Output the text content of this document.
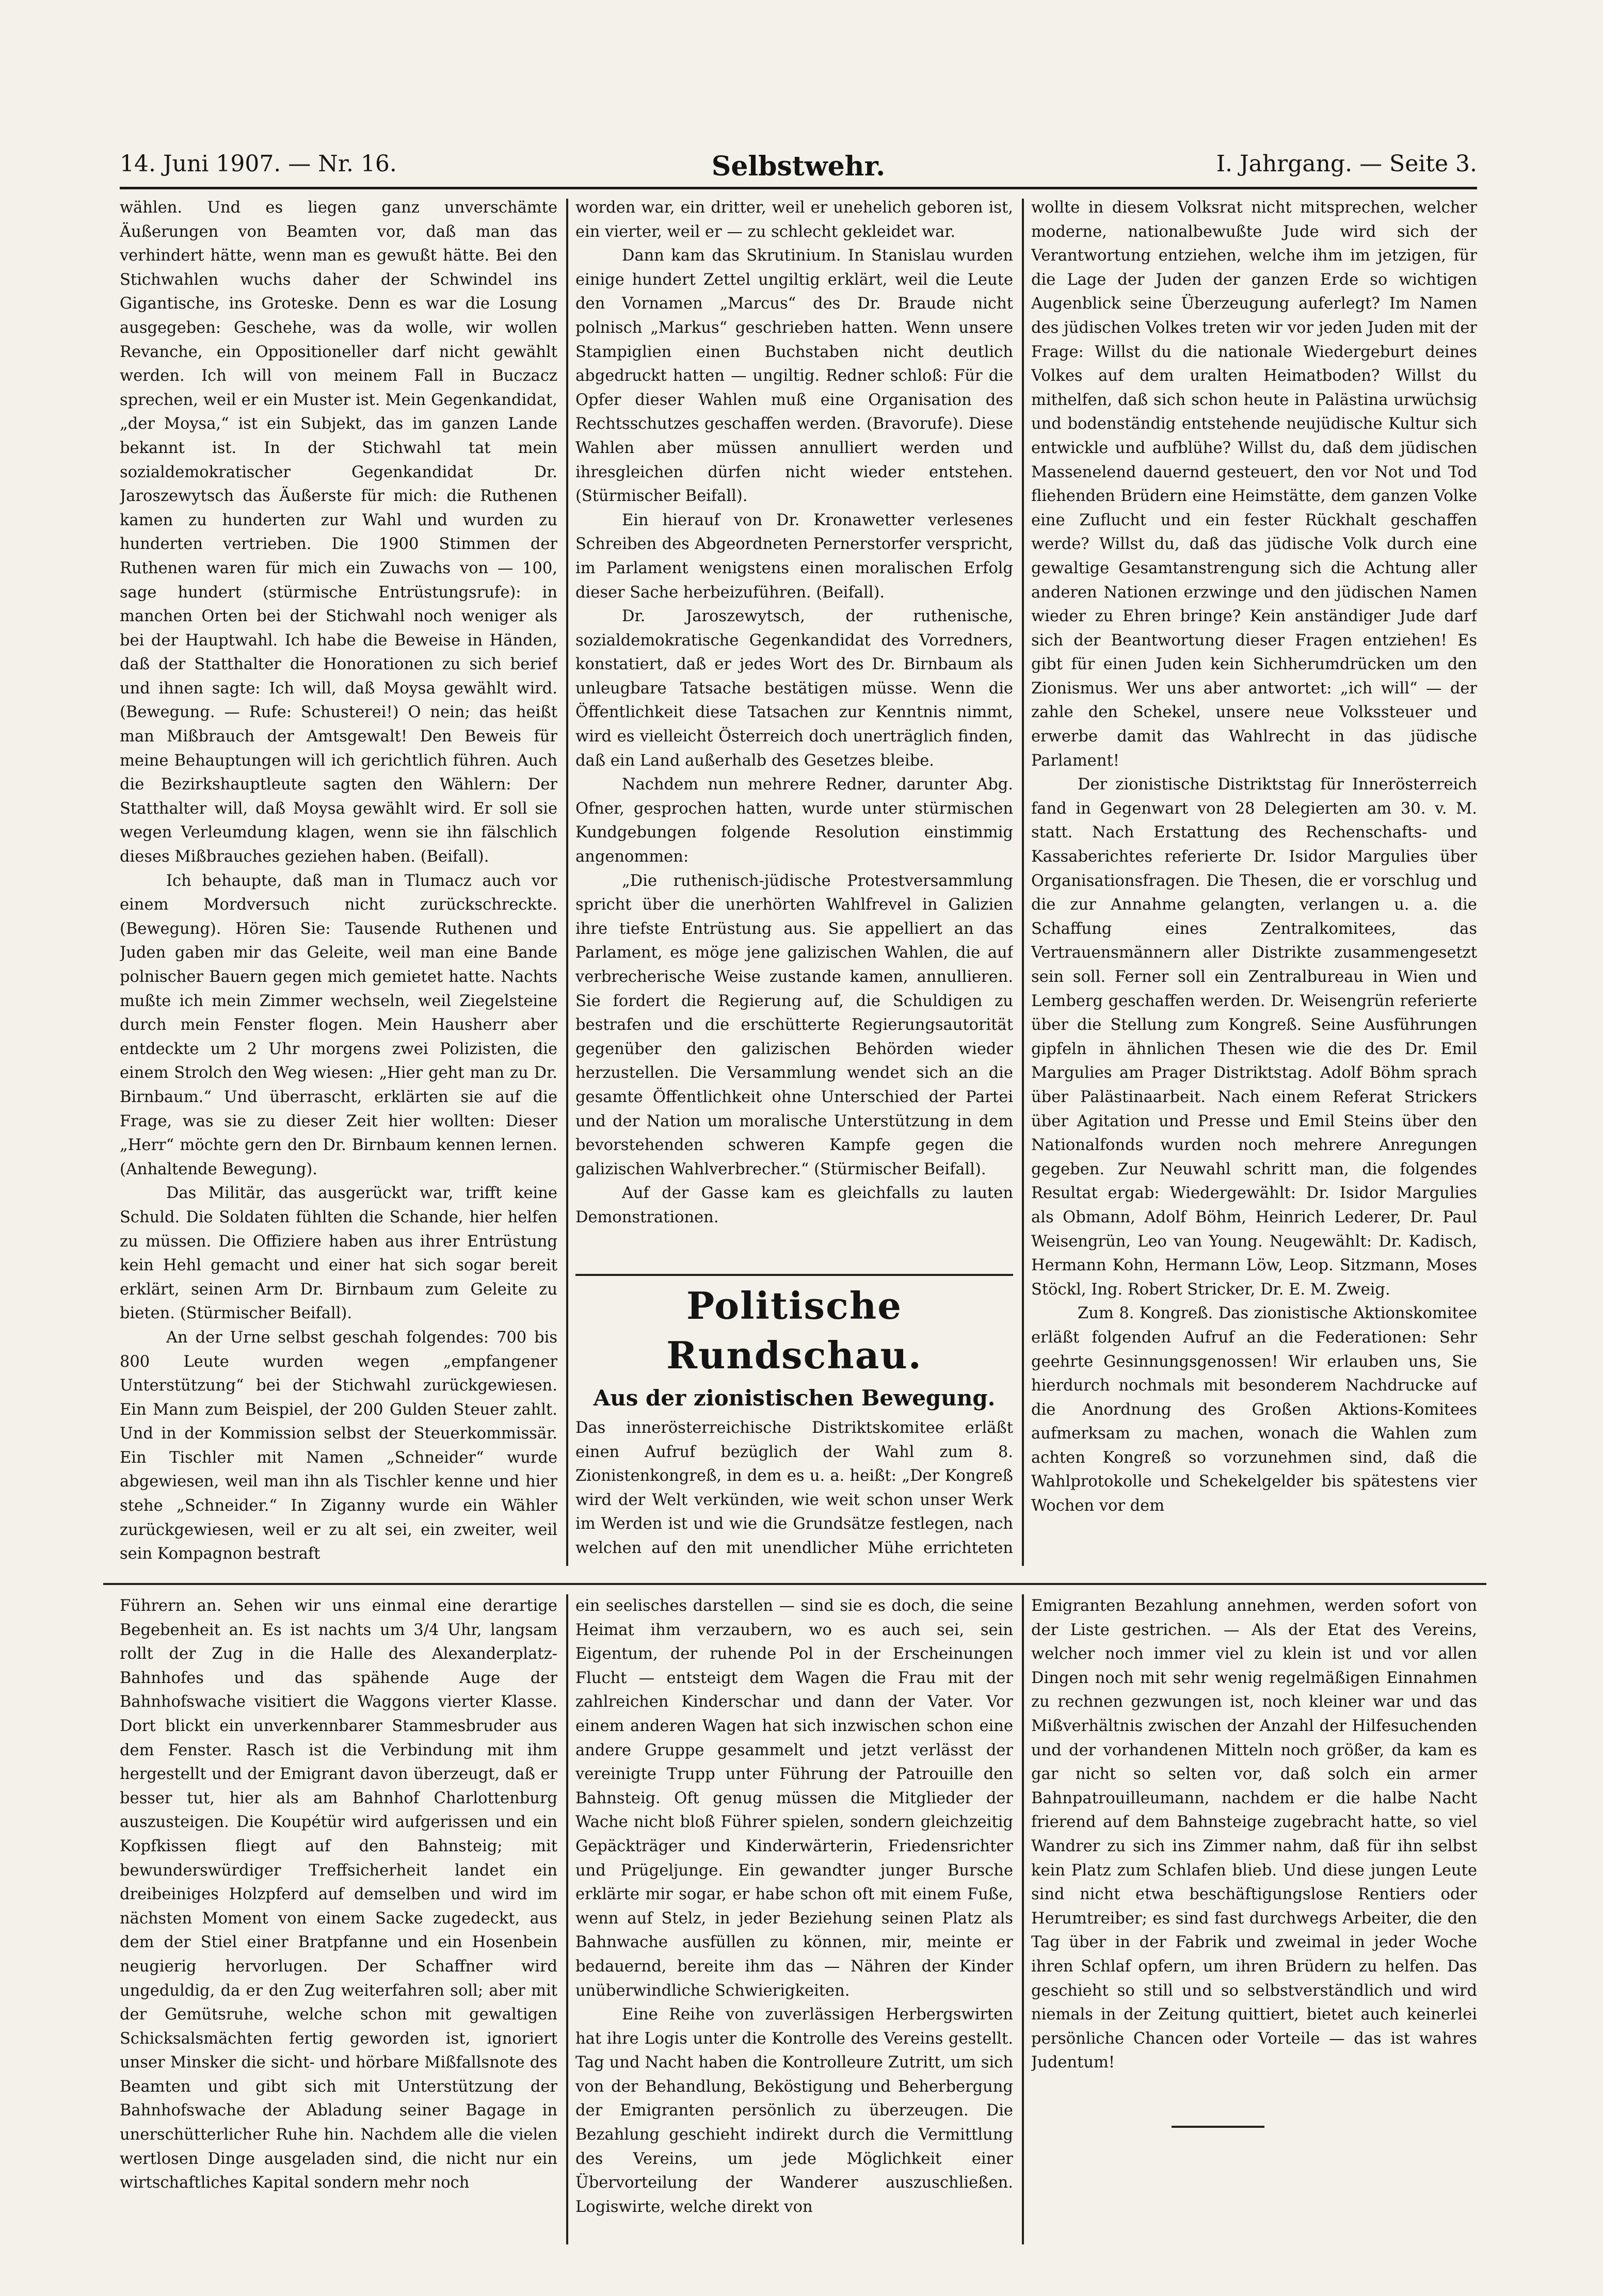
14. Juni 1907. — Nr. 16.	Selbstwehr.	I. Jahrgang. — Seite 3.

wählen. Und es liegen ganz unverschämte Äußerungen von Beamten vor, daß man das verhindert hätte, wenn man es gewußt hätte. Bei den Stichwahlen wuchs daher der Schwindel ins Gigantische, ins Groteske. Denn es war die Losung ausgegeben: Geschehe, was da wolle, wir wollen Revanche, ein Oppositioneller darf nicht gewählt werden. Ich will von meinem Fall in Buczacz sprechen, weil er ein Muster ist. Mein Gegenkandidat, „der Moysa,“ ist ein Subjekt, das im ganzen Lande bekannt ist. In der Stichwahl tat mein sozialdemokratischer Gegenkandidat Dr. Jaroszewytsch das Äußerste für mich: die Ruthenen kamen zu hunderten zur Wahl und wurden zu hunderten vertrieben. Die 1900 Stimmen der Ruthenen waren für mich ein Zuwachs von — 100, sage hundert (stürmische Entrüstungsrufe): in manchen Orten bei der Stichwahl noch weniger als bei der Hauptwahl. Ich habe die Beweise in Händen, daß der Statthalter die Honorationen zu sich berief und ihnen sagte: Ich will, daß Moysa gewählt wird. (Bewegung. — Rufe: Schusterei!) O nein; das heißt man Mißbrauch der Amtsgewalt! Den Beweis für meine Behauptungen will ich gerichtlich führen. Auch die Bezirkshauptleute sagten den Wählern: Der Statthalter will, daß Moysa gewählt wird. Er soll sie wegen Verleumdung klagen, wenn sie ihn fälschlich dieses Mißbrauches geziehen haben. (Beifall).

Ich behaupte, daß man in Tlumacz auch vor einem Mordversuch nicht zurückschreckte. (Bewegung). Hören Sie: Tausende Ruthenen und Juden gaben mir das Geleite, weil man eine Bande polnischer Bauern gegen mich gemietet hatte. Nachts mußte ich mein Zimmer wechseln, weil Ziegelsteine durch mein Fenster flogen. Mein Hausherr aber entdeckte um 2 Uhr morgens zwei Polizisten, die einem Strolch den Weg wiesen: „Hier geht man zu Dr. Birnbaum.“ Und überrascht, erklärten sie auf die Frage, was sie zu dieser Zeit hier wollten: Dieser „Herr“ möchte gern den Dr. Birnbaum kennen lernen. (Anhaltende Bewegung).

Das Militär, das ausgerückt war, trifft keine Schuld. Die Soldaten fühlten die Schande, hier helfen zu müssen. Die Offiziere haben aus ihrer Entrüstung kein Hehl gemacht und einer hat sich sogar bereit erklärt, seinen Arm Dr. Birnbaum zum Geleite zu bieten. (Stürmischer Beifall).

An der Urne selbst geschah folgendes: 700 bis 800 Leute wurden wegen „empfangener Unterstützung“ bei der Stichwahl zurückgewiesen. Ein Mann zum Beispiel, der 200 Gulden Steuer zahlt. Und in der Kommission selbst der Steuerkommissär. Ein Tischler mit Namen „Schneider“ wurde abgewiesen, weil man ihn als Tischler kenne und hier stehe „Schneider.“ In Ziganny wurde ein Wähler zurückgewiesen, weil er zu alt sei, ein zweiter, weil sein Kompagnon bestraft

worden war, ein dritter, weil er unehelich geboren ist, ein vierter, weil er — zu schlecht gekleidet war.

Dann kam das Skrutinium. In Stanislau wurden einige hundert Zettel ungiltig erklärt, weil die Leute den Vornamen „Marcus“ des Dr. Braude nicht polnisch „Markus“ geschrieben hatten. Wenn unsere Stampiglien einen Buchstaben nicht deutlich abgedruckt hatten — ungiltig. Redner schloß: Für die Opfer dieser Wahlen muß eine Organisation des Rechtsschutzes geschaffen werden. (Bravorufe). Diese Wahlen aber müssen annulliert werden und ihresgleichen dürfen nicht wieder entstehen. (Stürmischer Beifall).

Ein hierauf von Dr. Kronawetter verlesenes Schreiben des Abgeordneten Pernerstorfer verspricht, im Parlament wenigstens einen moralischen Erfolg dieser Sache herbeizuführen. (Beifall).

Dr. Jaroszewytsch, der ruthenische, sozialdemokratische Gegenkandidat des Vorredners, konstatiert, daß er jedes Wort des Dr. Birnbaum als unleugbare Tatsache bestätigen müsse. Wenn die Öffentlichkeit diese Tatsachen zur Kenntnis nimmt, wird es vielleicht Österreich doch unerträglich finden, daß ein Land außerhalb des Gesetzes bleibe.

Nachdem nun mehrere Redner, darunter Abg. Ofner, gesprochen hatten, wurde unter stürmischen Kundgebungen folgende Resolution einstimmig angenommen:

„Die ruthenisch-jüdische Protestversammlung spricht über die unerhörten Wahlfrevel in Galizien ihre tiefste Entrüstung aus. Sie appelliert an das Parlament, es möge jene galizischen Wahlen, die auf verbrecherische Weise zustande kamen, annullieren. Sie fordert die Regierung auf, die Schuldigen zu bestrafen und die erschütterte Regierungsautorität gegenüber den galizischen Behörden wieder herzustellen. Die Versammlung wendet sich an die gesamte Öffentlichkeit ohne Unterschied der Partei und der Nation um moralische Unterstützung in dem bevorstehenden schweren Kampfe gegen die galizischen Wahlverbrecher.“ (Stürmischer Beifall).

Auf der Gasse kam es gleichfalls zu lauten Demonstrationen.

Politische Rundschau.
Aus der zionistischen Bewegung.

Das innerösterreichische Distriktskomitee erläßt einen Aufruf bezüglich der Wahl zum 8. Zionistenkongreß, in dem es u. a. heißt: „Der Kongreß wird der Welt verkünden, wie weit schon unser Werk im Werden ist und wie die Grundsätze festlegen, nach welchen auf den mit unendlicher Mühe errichteten

wollte in diesem Volksrat nicht mitsprechen, welcher moderne, nationalbewußte Jude wird sich der Verantwortung entziehen, welche ihm im jetzigen, für die Lage der Juden der ganzen Erde so wichtigen Augenblick seine Überzeugung auferlegt? Im Namen des jüdischen Volkes treten wir vor jeden Juden mit der Frage: Willst du die nationale Wiedergeburt deines Volkes auf dem uralten Heimatboden? Willst du mithelfen, daß sich schon heute in Palästina urwüchsig und bodenständig entstehende neujüdische Kultur sich entwickle und aufblühe? Willst du, daß dem jüdischen Massenelend dauernd gesteuert, den vor Not und Tod fliehenden Brüdern eine Heimstätte, dem ganzen Volke eine Zuflucht und ein fester Rückhalt geschaffen werde? Willst du, daß das jüdische Volk durch eine gewaltige Gesamtanstrengung sich die Achtung aller anderen Nationen erzwinge und den jüdischen Namen wieder zu Ehren bringe? Kein anständiger Jude darf sich der Beantwortung dieser Fragen entziehen! Es gibt für einen Juden kein Sichherumdrücken um den Zionismus. Wer uns aber antwortet: „ich will“ — der zahle den Schekel, unsere neue Volkssteuer und erwerbe damit das Wahlrecht in das jüdische Parlament!

Der zionistische Distriktstag für Innerösterreich fand in Gegenwart von 28 Delegierten am 30. v. M. statt. Nach Erstattung des Rechenschafts- und Kassaberichtes referierte Dr. Isidor Margulies über Organisationsfragen. Die Thesen, die er vorschlug und die zur Annahme gelangten, verlangen u. a. die Schaffung eines Zentralkomitees, das Vertrauensmännern aller Distrikte zusammengesetzt sein soll. Ferner soll ein Zentralbureau in Wien und Lemberg geschaffen werden. Dr. Weisengrün referierte über die Stellung zum Kongreß. Seine Ausführungen gipfeln in ähnlichen Thesen wie die des Dr. Emil Margulies am Prager Distriktstag. Adolf Böhm sprach über Palästinaarbeit. Nach einem Referat Strickers über Agitation und Presse und Emil Steins über den Nationalfonds wurden noch mehrere Anregungen gegeben. Zur Neuwahl schritt man, die folgendes Resultat ergab: Wiedergewählt: Dr. Isidor Margulies als Obmann, Adolf Böhm, Heinrich Lederer, Dr. Paul Weisengrün, Leo van Young. Neugewählt: Dr. Kadisch, Hermann Kohn, Hermann Löw, Leop. Sitzmann, Moses Stöckl, Ing. Robert Stricker, Dr. E. M. Zweig.

Zum 8. Kongreß. Das zionistische Aktionskomitee erläßt folgenden Aufruf an die Federationen: Sehr geehrte Gesinnungsgenossen! Wir erlauben uns, Sie hierdurch nochmals mit besonderem Nachdrucke auf die Anordnung des Großen Aktions-Komitees aufmerksam zu machen, wonach die Wahlen zum achten Kongreß so vorzunehmen sind, daß die Wahlprotokolle und Schekelgelder bis spätestens vier Wochen vor dem

Führern an. Sehen wir uns einmal eine derartige Begebenheit an. Es ist nachts um 3/4 Uhr, langsam rollt der Zug in die Halle des Alexanderplatz-Bahnhofes und das spähende Auge der Bahnhofswache visitiert die Waggons vierter Klasse. Dort blickt ein unverkennbarer Stammesbruder aus dem Fenster. Rasch ist die Verbindung mit ihm hergestellt und der Emigrant davon überzeugt, daß er besser tut, hier als am Bahnhof Charlottenburg auszusteigen. Die Koupétür wird aufgerissen und ein Kopfkissen fliegt auf den Bahnsteig; mit bewunderswürdiger Treffsicherheit landet ein dreibeiniges Holzpferd auf demselben und wird im nächsten Moment von einem Sacke zugedeckt, aus dem der Stiel einer Bratpfanne und ein Hosenbein neugierig hervorlugen. Der Schaffner wird ungeduldig, da er den Zug weiterfahren soll; aber mit der Gemütsruhe, welche schon mit gewaltigen Schicksalsmächten fertig geworden ist, ignoriert unser Minsker die sicht- und hörbare Mißfallsnote des Beamten und gibt sich mit Unterstützung der Bahnhofswache der Abladung seiner Bagage in unerschütterlicher Ruhe hin. Nachdem alle die vielen wertlosen Dinge ausgeladen sind, die nicht nur ein wirtschaftliches Kapital sondern mehr noch

ein seelisches darstellen — sind sie es doch, die seine Heimat ihm verzaubern, wo es auch sei, sein Eigentum, der ruhende Pol in der Erscheinungen Flucht — entsteigt dem Wagen die Frau mit der zahlreichen Kinderschar und dann der Vater. Vor einem anderen Wagen hat sich inzwischen schon eine andere Gruppe gesammelt und jetzt verlässt der vereinigte Trupp unter Führung der Patrouille den Bahnsteig. Oft genug müssen die Mitglieder der Wache nicht bloß Führer spielen, sondern gleichzeitig Gepäckträger und Kinderwärterin, Friedensrichter und Prügeljunge. Ein gewandter junger Bursche erklärte mir sogar, er habe schon oft mit einem Fuße, wenn auf Stelz, in jeder Beziehung seinen Platz als Bahnwache ausfüllen zu können, mir, meinte er bedauernd, bereite ihm das — Nähren der Kinder unüberwindliche Schwierigkeiten.

Eine Reihe von zuverlässigen Herbergswirten hat ihre Logis unter die Kontrolle des Vereins gestellt. Tag und Nacht haben die Kontrolleure Zutritt, um sich von der Behandlung, Beköstigung und Beherbergung der Emigranten persönlich zu überzeugen. Die Bezahlung geschieht indirekt durch die Vermittlung des Vereins, um jede Möglichkeit einer Übervorteilung der Wanderer auszuschließen. Logiswirte, welche direkt von

Emigranten Bezahlung annehmen, werden sofort von der Liste gestrichen. — Als der Etat des Vereins, welcher noch immer viel zu klein ist und vor allen Dingen noch mit sehr wenig regelmäßigen Einnahmen zu rechnen gezwungen ist, noch kleiner war und das Mißverhältnis zwischen der Anzahl der Hilfesuchenden und der vorhandenen Mitteln noch größer, da kam es gar nicht so selten vor, daß solch ein armer Bahnpatrouilleumann, nachdem er die halbe Nacht frierend auf dem Bahnsteige zugebracht hatte, so viel Wandrer zu sich ins Zimmer nahm, daß für ihn selbst kein Platz zum Schlafen blieb. Und diese jungen Leute sind nicht etwa beschäftigungslose Rentiers oder Herumtreiber; es sind fast durchwegs Arbeiter, die den Tag über in der Fabrik und zweimal in jeder Woche ihren Schlaf opfern, um ihren Brüdern zu helfen. Das geschieht so still und so selbstverständlich und wird niemals in der Zeitung quittiert, bietet auch keinerlei persönliche Chancen oder Vorteile — das ist wahres Judentum!
